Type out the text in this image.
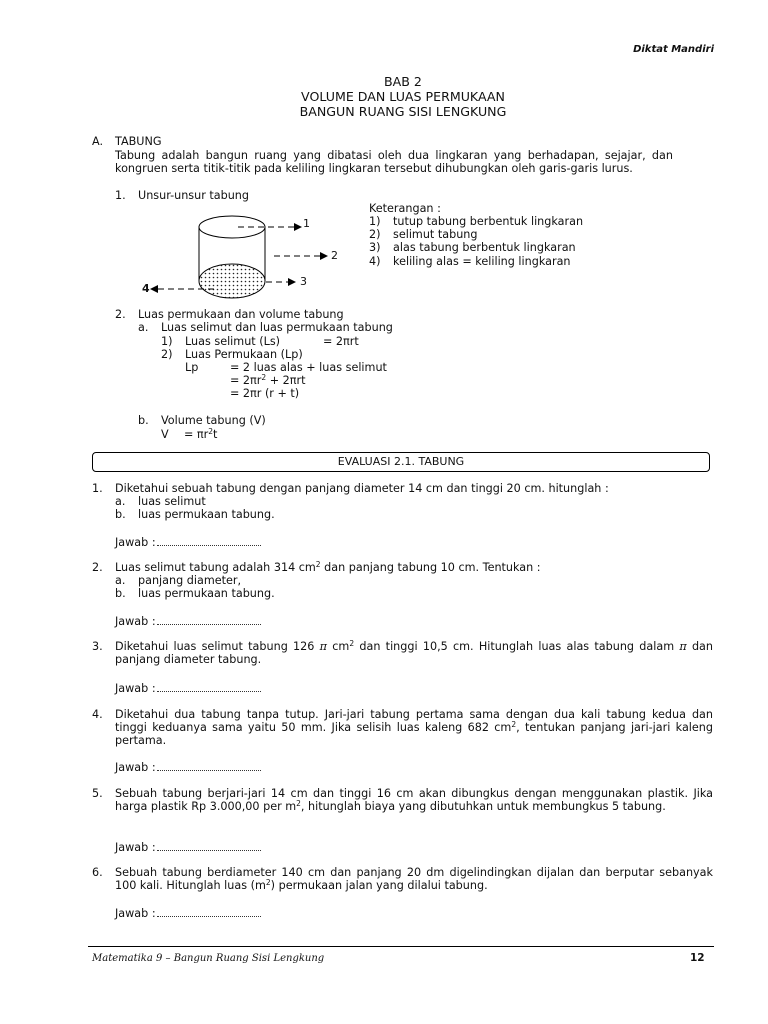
Diktat Mandiri
BAB 2
VOLUME DAN LUAS PERMUKAAN
BANGUN RUANG SISI LENGKUNG
A. TABUNG
Tabung adalah bangun ruang yang dibatasi oleh dua lingkaran yang berhadapan, sejajar, dan kongruen serta titik-titik pada keliling lingkaran tersebut dihubungkan oleh garis-garis lurus.
1. Unsur-unsur tabung
1
2
3
4
Keterangan :
1) tutup tabung berbentuk lingkaran
2) selimut tabung
3) alas tabung berbentuk lingkaran
4) keliling alas = keliling lingkaran
2. Luas permukaan dan volume tabung
a. Luas selimut dan luas permukaan tabung
1) Luas selimut (Ls)	= 2πrt
2) Luas Permukaan (Lp)
Lp	= 2 luas alas + luas selimut
= $2\pi r^2 + 2\pi rt$
= 2πr (r + t)
b. Volume tabung (V)
$V = \pi r^2t$
EVALUASI 2.1. TABUNG
1. Diketahui sebuah tabung dengan panjang diameter 14 cm dan tinggi 20 cm. hitunglah :
a. luas selimut
b. luas permukaan tabung.
Jawab :
2. Luas selimut tabung adalah 314 $cm^2$ dan panjang tabung 10 cm. Tentukan :
a. panjang diameter,
b. luas permukaan tabung.
Jawab :
3. Diketahui luas selimut tabung 126 π $cm^2$ dan tinggi 10,5 cm. Hitunglah luas alas tabung dalam π dan panjang diameter tabung.
Jawab :
4. Diketahui dua tabung tanpa tutup. Jari-jari tabung pertama sama dengan dua kali tabung kedua dan tinggi keduanya sama yaitu 50 mm. Jika selisih luas kaleng 682 $cm^2$, tentukan panjang jari-jari kaleng pertama.
Jawab :
5. Sebuah tabung berjari-jari 14 cm dan tinggi 16 cm akan dibungkus dengan menggunakan plastik. Jika harga plastik Rp 3.000,00 per $m^2$, hitunglah biaya yang dibutuhkan untuk membungkus 5 tabung.
Jawab :
6. Sebuah tabung berdiameter 140 cm dan panjang 20 dm digelindingkan dijalan dan berputar sebanyak 100 kali. Hitunglah luas $(m^2)$ permukaan jalan yang dilalui tabung.
Jawab :
Matematika 9 – Bangun Ruang Sisi Lengkung	12
